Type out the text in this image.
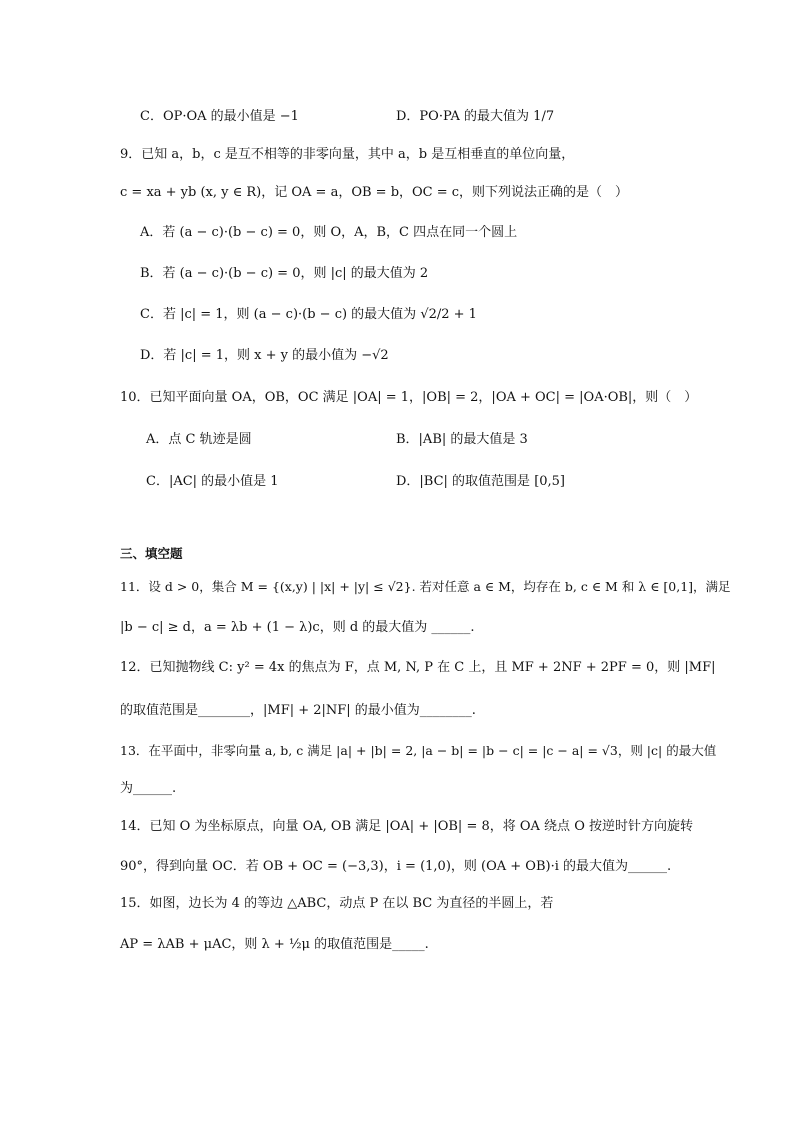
C．OP·OA 的最小值是 −1	D．PO·PA 的最大值为 1/7
9．已知 a，b，c 是互不相等的非零向量，其中 a，b 是互相垂直的单位向量，
c = xa + yb (x, y ∈ R)，记 OA = a，OB = b，OC = c，则下列说法正确的是（　）
A．若 (a − c)·(b − c) = 0，则 O，A，B，C 四点在同一个圆上
B．若 (a − c)·(b − c) = 0，则 |c| 的最大值为 2
C．若 |c| = 1，则 (a − c)·(b − c) 的最大值为 √2/2 + 1
D．若 |c| = 1，则 x + y 的最小值为 −√2
10．已知平面向量 OA，OB，OC 满足 |OA| = 1，|OB| = 2，|OA + OC| = |OA·OB|，则（　）
A．点 C 轨迹是圆	B．|AB| 的最大值是 3
C．|AC| 的最小值是 1	D．|BC| 的取值范围是 [0,5]
三、填空题
11．设 d > 0，集合 M = {(x,y) | |x| + |y| ≤ √2}. 若对任意 a ∈ M，均存在 b, c ∈ M 和 λ ∈ [0,1]，满足
|b − c| ≥ d，a = λb + (1 − λ)c，则 d 的最大值为 ______.
12．已知抛物线 C: y² = 4x 的焦点为 F，点 M, N, P 在 C 上，且 MF + 2NF + 2PF = 0，则 |MF|
的取值范围是________，|MF| + 2|NF| 的最小值为________.
13．在平面中，非零向量 a, b, c 满足 |a| + |b| = 2, |a − b| = |b − c| = |c − a| = √3，则 |c| 的最大值
为______.
14．已知 O 为坐标原点，向量 OA, OB 满足 |OA| + |OB| = 8，将 OA 绕点 O 按逆时针方向旋转
90°，得到向量 OC．若 OB + OC = (−3,3)，i = (1,0)，则 (OA + OB)·i 的最大值为______.
15．如图，边长为 4 的等边 △ABC，动点 P 在以 BC 为直径的半圆上，若
AP = λAB + μAC，则 λ + ½μ 的取值范围是_____.
